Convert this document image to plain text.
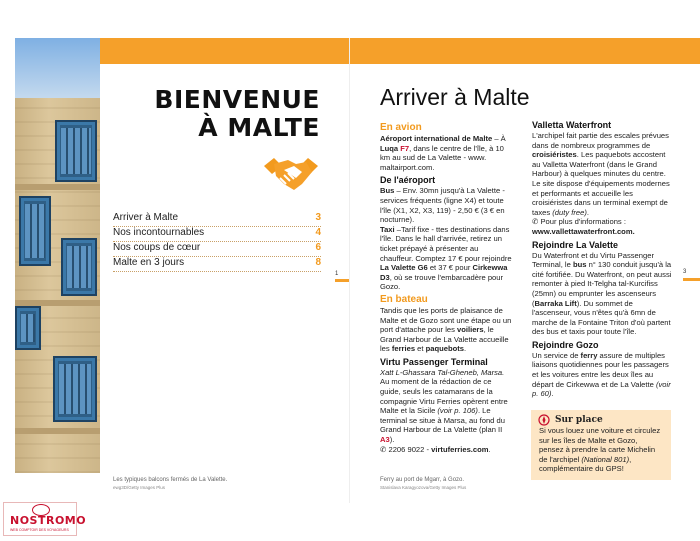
BIENVENUE
À MALTE
Arriver à Malte	3
Nos incontournables	4
Nos coups de cœur	6
Malte en 3 jours	8
1
Les typiques balcons fermés de La Valette.
ewg3D/Getty Images Plus
Arriver à Malte
En avion
Aéroport international de Malte – À Luqa F7, dans le centre de l'île, à 10 km au sud de La Valette - www. maltairport.com.
De l'aéroport
Bus – Env. 30mn jusqu'à La Valette - services fréquents (ligne X4) et toute l'île (X1, X2, X3, 119) - 2,50 € (3 € en nocturne).
Taxi –Tarif fixe - ttes destinations dans l'île. Dans le hall d'arrivée, retirez un ticket prépayé à présenter au chauffeur. Comptez 17 € pour rejoindre La Valette G6 et 37 € pour Cirkewwa D3, où se trouve l'embarcadère pour Gozo.
En bateau
Tandis que les ports de plaisance de Malte et de Gozo sont une étape ou un port d'attache pour les voiliers, le Grand Harbour de La Valette accueille les ferries et paquebots.
Virtu Passenger Terminal
Xatt L-Ghassara Tal-Gheneb, Marsa.
Au moment de la rédaction de ce guide, seuls les catamarans de la compagnie Virtu Ferries opèrent entre Malte et la Sicile (voir p. 106). Le terminal se situe à Marsa, au fond du Grand Harbour de La Valette (plan II A3).
✆ 2206 9022 - virtuferries.com.
Valletta Waterfront
L'archipel fait partie des escales prévues dans de nombreux programmes de croisiéristes. Les paquebots accostent au Valletta Waterfront (dans le Grand Harbour) à quelques minutes du centre. Le site dispose d'équipements modernes et performants et accueille les croisiéristes dans un terminal exempt de taxes (duty free).
✆ Pour plus d'informations : www.vallettawaterfront.com.
Rejoindre La Valette
Du Waterfront et du Virtu Passenger Terminal, le bus n° 130 conduit jusqu'à la cité fortifiée. Du Waterfront, on peut aussi remonter à pied It-Telgha tal-Kurcifiss (25mn) ou emprunter les ascenseurs (Barraka Lift). Du sommet de l'ascenseur, vous n'êtes qu'à 6mn de marche de la Fontaine Triton d'où partent des bus et taxis pour toute l'île.
Rejoindre Gozo
Un service de ferry assure de multiples liaisons quotidiennes pour les passagers et les voitures entre les deux îles au départ de Cirkewwa et de La Valette (voir p. 60).
Sur place
Si vous louez une voiture et circulez sur les îles de Malte et Gozo, pensez à prendre la carte Michelin de l'archipel (National 801), complémentaire du GPS!
3
Ferry au port de Mgarr, à Gozo.
Stanislava Karagyozova/Getty Images Plus
NOSTROMO
WEB COMPTOIR DES VOYAGEURS
